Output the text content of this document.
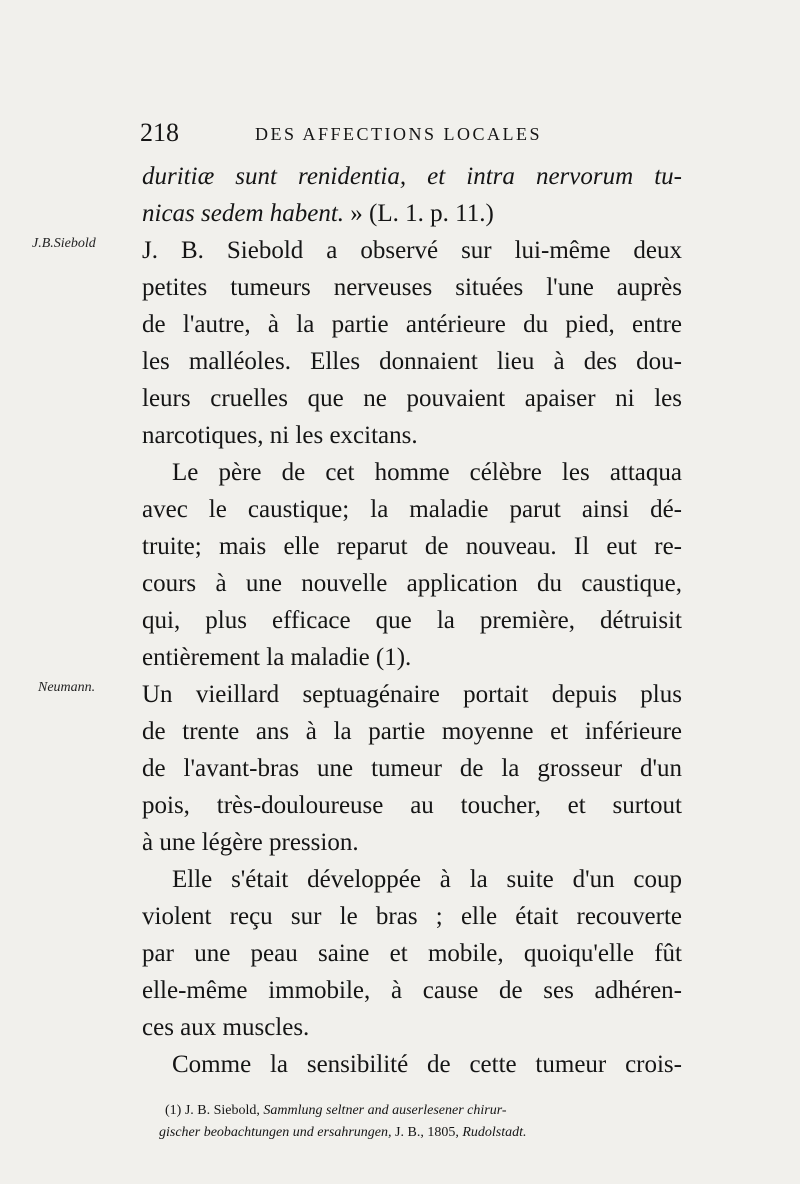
218	DES AFFECTIONS LOCALES
J.B.Siebold
Neumann.
duritiæ sunt renidentia, et intra nervorum tu-
nicas sedem habent. » (L. 1. p. 11.)
J. B. Siebold a observé sur lui-même deux
petites tumeurs nerveuses situées l'une auprès
de l'autre, à la partie antérieure du pied, entre
les malléoles. Elles donnaient lieu à des dou-
leurs cruelles que ne pouvaient apaiser ni les
narcotiques, ni les excitans.
Le père de cet homme célèbre les attaqua
avec le caustique; la maladie parut ainsi dé-
truite; mais elle reparut de nouveau. Il eut re-
cours à une nouvelle application du caustique,
qui, plus efficace que la première, détruisit
entièrement la maladie (1).
Un vieillard septuagénaire portait depuis plus
de trente ans à la partie moyenne et inférieure
de l'avant-bras une tumeur de la grosseur d'un
pois, très-douloureuse au toucher, et surtout
à une légère pression.
Elle s'était développée à la suite d'un coup
violent reçu sur le bras ; elle était recouverte
par une peau saine et mobile, quoiqu'elle fût
elle-même immobile, à cause de ses adhéren-
ces aux muscles.
Comme la sensibilité de cette tumeur crois-
(1) J. B. Siebold, Sammlung seltner and auserlesener chirur-
gischer beobachtungen und ersahrungen, J. B., 1805, Rudolstadt.
